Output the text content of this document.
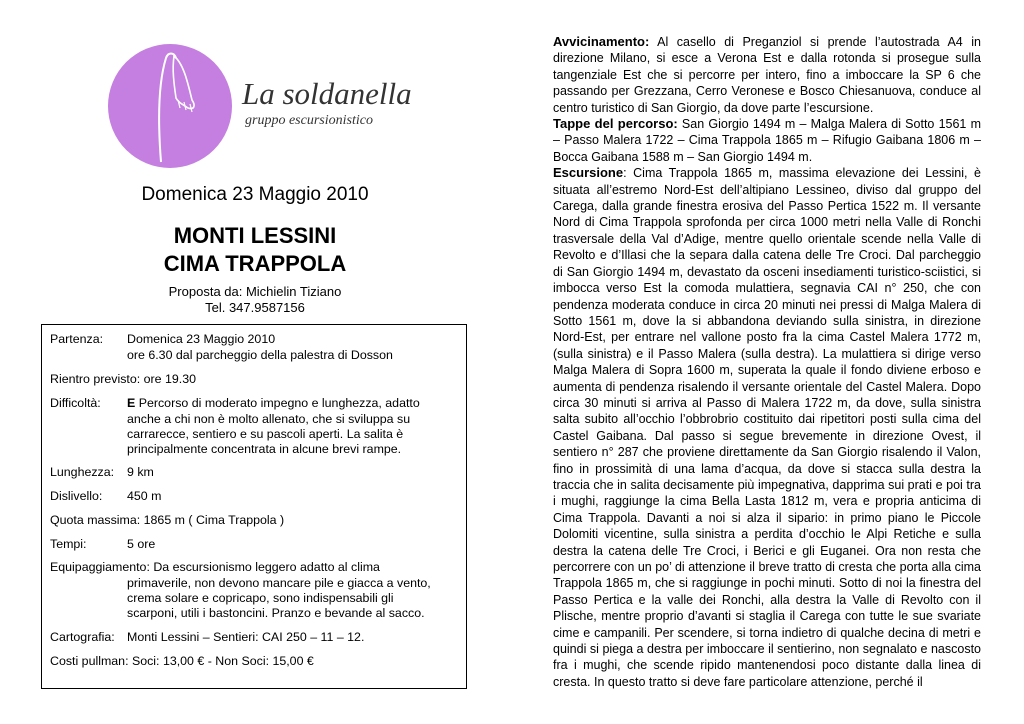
La soldanella
gruppo escursionistico
Domenica 23 Maggio 2010
MONTI LESSINI
CIMA TRAPPOLA
Proposta da: Michielin Tiziano
Tel. 347.9587156
Partenza: Domenica 23 Maggio 2010
ore 6.30 dal parcheggio della palestra di Dosson
Rientro previsto: ore 19.30
Difficoltà: E Percorso di moderato impegno e lunghezza, adatto
anche a chi non è molto allenato, che si sviluppa su
carrarecce, sentiero e su pascoli aperti. La salita è
principalmente concentrata in alcune brevi rampe.
Lunghezza: 9 km
Dislivello: 450 m
Quota massima: 1865 m ( Cima Trappola )
Tempi:	5 ore
Equipaggiamento: Da escursionismo leggero adatto al clima
primaverile, non devono mancare pile e giacca a vento,
crema solare e copricapo, sono indispensabili gli
scarponi, utili i bastoncini. Pranzo e bevande al sacco.
Cartografia: Monti Lessini – Sentieri: CAI 250 – 11 – 12.
Costi pullman: Soci: 13,00 € - Non Soci: 15,00 €

Avvicinamento: Al casello di Preganziol si prende l’autostrada A4 in direzione Milano, si esce a Verona Est e dalla rotonda si prosegue sulla tangenziale Est che si percorre per intero, fino a imboccare la SP 6 che passando per Grezzana, Cerro Veronese e Bosco Chiesanuova, conduce al centro turistico di San Giorgio, da dove parte l’escursione.

Tappe del percorso: San Giorgio 1494 m – Malga Malera di Sotto 1561 m – Passo Malera 1722 – Cima Trappola 1865 m – Rifugio Gaibana 1806 m – Bocca Gaibana 1588 m – San Giorgio 1494 m.

Escursione: Cima Trappola 1865 m, massima elevazione dei Lessini, è situata all’estremo Nord-Est dell’altipiano Lessineo, diviso dal gruppo del Carega, dalla grande finestra erosiva del Passo Pertica 1522 m. Il versante Nord di Cima Trappola sprofonda per circa 1000 metri nella Valle di Ronchi trasversale della Val d’Adige, mentre quello orientale scende nella Valle di Revolto e d’Illasi che la separa dalla catena delle Tre Croci. Dal parcheggio di San Giorgio 1494 m, devastato da osceni insediamenti turistico-sciistici, si imbocca verso Est la comoda mulattiera, segnavia CAI n° 250, che con pendenza moderata conduce in circa 20 minuti nei pressi di Malga Malera di Sotto 1561 m, dove la si abbandona deviando sulla sinistra, in direzione Nord-Est, per entrare nel vallone posto fra la cima Castel Malera 1772 m, (sulla sinistra) e il Passo Malera (sulla destra). La mulattiera si dirige verso Malga Malera di Sopra 1600 m, superata la quale il fondo diviene erboso e aumenta di pendenza risalendo il versante orientale del Castel Malera. Dopo circa 30 minuti si arriva al Passo di Malera 1722 m, da dove, sulla sinistra salta subito all’occhio l’obbrobrio costituito dai ripetitori posti sulla cima del Castel Gaibana. Dal passo si segue brevemente in direzione Ovest, il sentiero n° 287 che proviene direttamente da San Giorgio risalendo il Valon, fino in prossimità di una lama d’acqua, da dove si stacca sulla destra la traccia che in salita decisamente più impegnativa, dapprima sui prati e poi tra i mughi, raggiunge la cima Bella Lasta 1812 m, vera e propria anticima di Cima Trappola. Davanti a noi si alza il sipario: in primo piano le Piccole Dolomiti vicentine, sulla sinistra a perdita d’occhio le Alpi Retiche e sulla destra la catena delle Tre Croci, i Berici e gli Euganei. Ora non resta che percorrere con un po’ di attenzione il breve tratto di cresta che porta alla cima Trappola 1865 m, che si raggiunge in pochi minuti. Sotto di noi la finestra del Passo Pertica e la valle dei Ronchi, alla destra la Valle di Revolto con il Plische, mentre proprio d’avanti si staglia il Carega con tutte le sue svariate cime e campanili. Per scendere, si torna indietro di qualche decina di metri e quindi si piega a destra per imboccare il sentierino, non segnalato e nascosto fra i mughi, che scende ripido mantenendosi poco distante dalla linea di cresta. In questo tratto si deve fare particolare attenzione, perché il
